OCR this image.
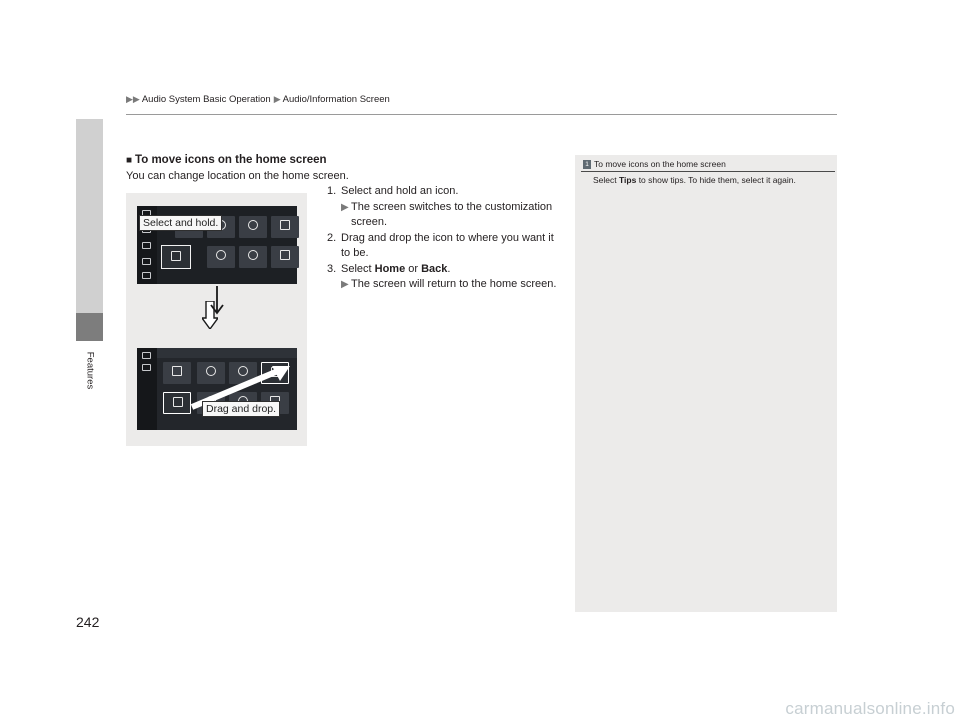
▶▶ Audio System Basic Operation ▶ Audio/Information Screen
Features
■ To move icons on the home screen
You can change location on the home screen.
1. Select and hold an icon.
▶ The screen switches to the customization screen.
2. Drag and drop the icon to where you want it to be.
3. Select Home or Back.
▶ The screen will return to the home screen.
Select and hold.
Drag and drop.
1 To move icons on the home screen
Select Tips to show tips. To hide them, select it again.
242
carmanualsonline.info
